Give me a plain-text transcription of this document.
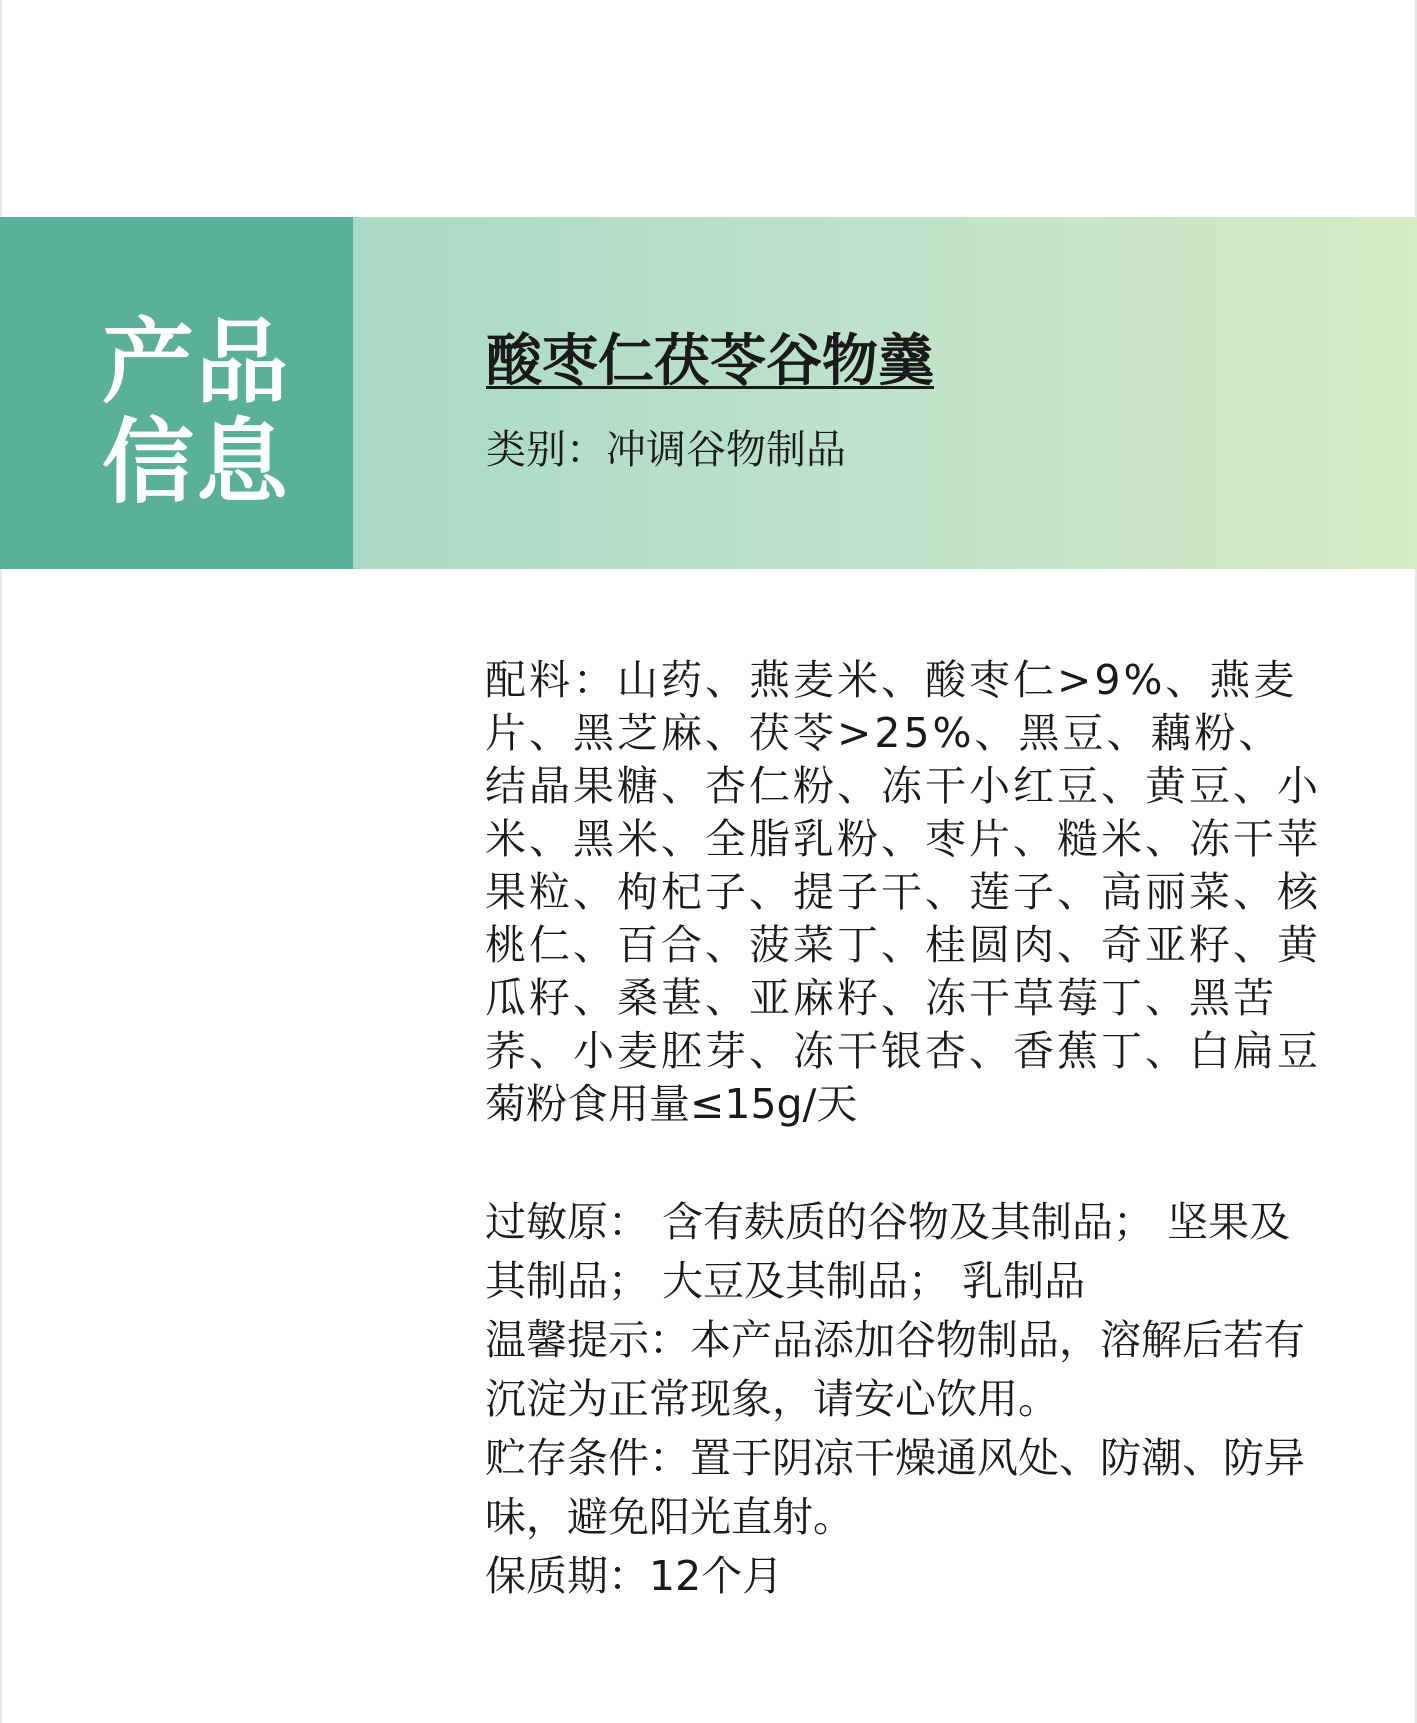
产品信息
酸枣仁茯苓谷物羹
类别：冲调谷物制品
配料：山药、燕麦米、酸枣仁>9%、燕麦片、黑芝麻、茯苓>25%、黑豆、藕粉、结晶果糖、杏仁粉、冻干小红豆、黄豆、小米、黑米、全脂乳粉、枣片、糙米、冻干苹果粒、枸杞子、提子干、莲子、高丽菜、核桃仁、百合、菠菜丁、桂圆肉、奇亚籽、黄瓜籽、桑葚、亚麻籽、冻干草莓丁、黑苦荞、小麦胚芽、冻干银杏、香蕉丁、白扁豆
菊粉食用量≤15g/天

过敏原： 含有麸质的谷物及其制品； 坚果及其制品； 大豆及其制品； 乳制品

温馨提示：本产品添加谷物制品，溶解后若有沉淀为正常现象，请安心饮用。

贮存条件：置于阴凉干燥通风处、防潮、防异味，避免阳光直射。

保质期：12个月
